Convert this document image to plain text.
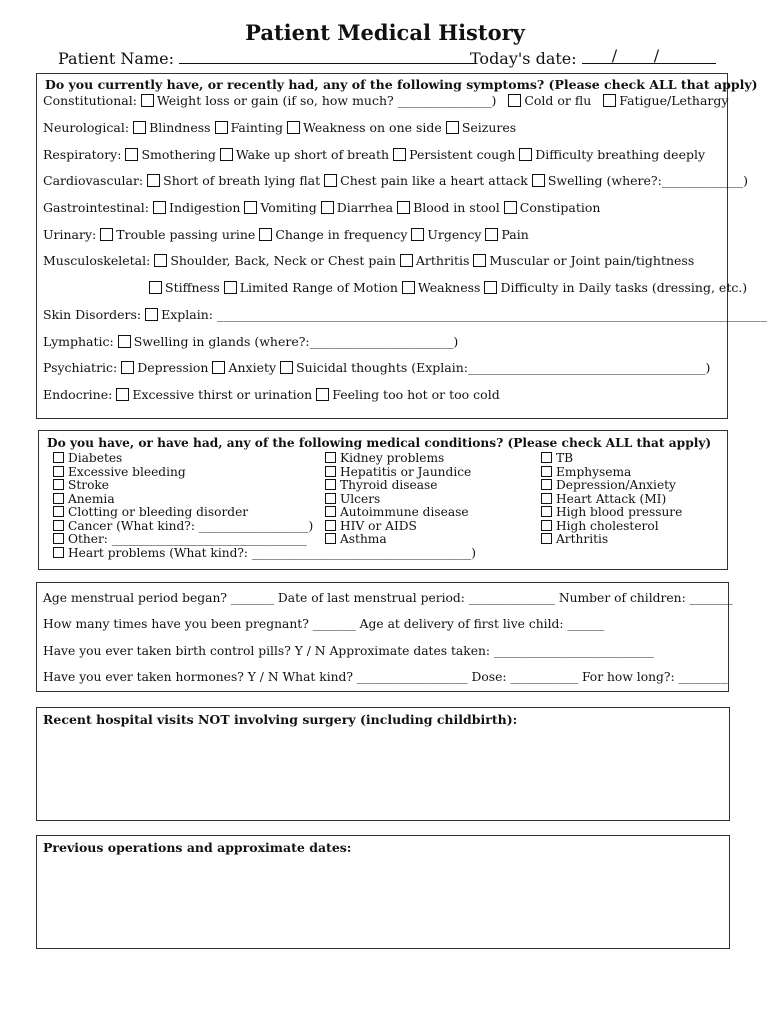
Patient Medical History
Patient Name:	Today's date: / /
Do you currently have, or recently had, any of the following symptoms? (Please check ALL that apply)
Constitutional: Weight loss or gain (if so, how much? _______________) Cold or flu Fatigue/Lethargy
Neurological: Blindness Fainting Weakness on one side Seizures
Respiratory: Smothering Wake up short of breath Persistent cough Difficulty breathing deeply
Cardiovascular: Short of breath lying flat Chest pain like a heart attack Swelling (where?:_____________)
Gastrointestinal: Indigestion Vomiting Diarrhea Blood in stool Constipation
Urinary: Trouble passing urine Change in frequency Urgency Pain
Musculoskeletal: Shoulder, Back, Neck or Chest pain Arthritis Muscular or Joint pain/tightness
Stiffness Limited Range of Motion Weakness Difficulty in Daily tasks (dressing, etc.)
Skin Disorders: Explain: ________________________________________________________________________________________
Lymphatic: Swelling in glands (where?:_______________________)
Psychiatric: Depression Anxiety Suicidal thoughts (Explain:______________________________________)
Endocrine: Excessive thirst or urination Feeling too hot or too cold
Do you have, or have had, any of the following medical conditions? (Please check ALL that apply)
Diabetes
Excessive bleeding
Stroke
Anemia
Clotting or bleeding disorder
Cancer (What kind?: __________________)
Other: ________________________________
Heart problems (What kind?: ____________________________________)
Kidney problems
Hepatitis or Jaundice
Thyroid disease
Ulcers
Autoimmune disease
HIV or AIDS
Asthma
TB
Emphysema
Depression/Anxiety
Heart Attack (MI)
High blood pressure
High cholesterol
Arthritis
Age menstrual period began? _______ Date of last menstrual period: ______________ Number of children: _______
How many times have you been pregnant? _______ Age at delivery of first live child: ______
Have you ever taken birth control pills? Y / N Approximate dates taken: __________________________
Have you ever taken hormones? Y / N What kind? __________________ Dose: ___________ For how long?: ________
Recent hospital visits NOT involving surgery (including childbirth):
Previous operations and approximate dates:
